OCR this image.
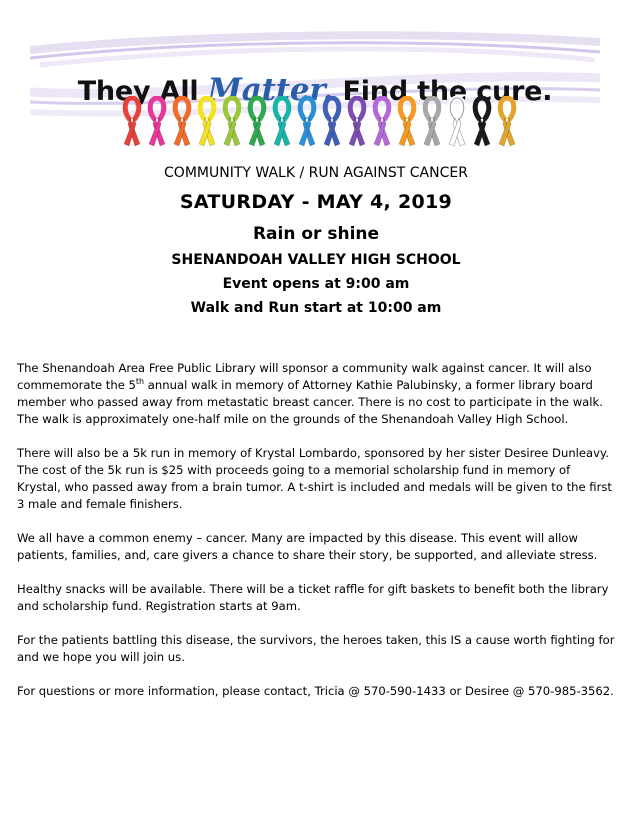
They All Matter. Find the cure.
COMMUNITY WALK / RUN AGAINST CANCER
SATURDAY - MAY 4, 2019
Rain or shine
SHENANDOAH VALLEY HIGH SCHOOL
Event opens at 9:00 am
Walk and Run start at 10:00 am

The Shenandoah Area Free Public Library will sponsor a community walk against cancer. It will also commemorate the 5th annual walk in memory of Attorney Kathie Palubinsky, a former library board member who passed away from metastatic breast cancer. There is no cost to participate in the walk. The walk is approximately one-half mile on the grounds of the Shenandoah Valley High School.

There will also be a 5k run in memory of Krystal Lombardo, sponsored by her sister Desiree Dunleavy. The cost of the 5k run is $25 with proceeds going to a memorial scholarship fund in memory of Krystal, who passed away from a brain tumor. A t-shirt is included and medals will be given to the first 3 male and female finishers.

We all have a common enemy – cancer. Many are impacted by this disease. This event will allow patients, families, and, care givers a chance to share their story, be supported, and alleviate stress.

Healthy snacks will be available. There will be a ticket raffle for gift baskets to benefit both the library and scholarship fund. Registration starts at 9am.

For the patients battling this disease, the survivors, the heroes taken, this IS a cause worth fighting for and we hope you will join us.

For questions or more information, please contact, Tricia @ 570-590-1433 or Desiree @ 570-985-3562.
